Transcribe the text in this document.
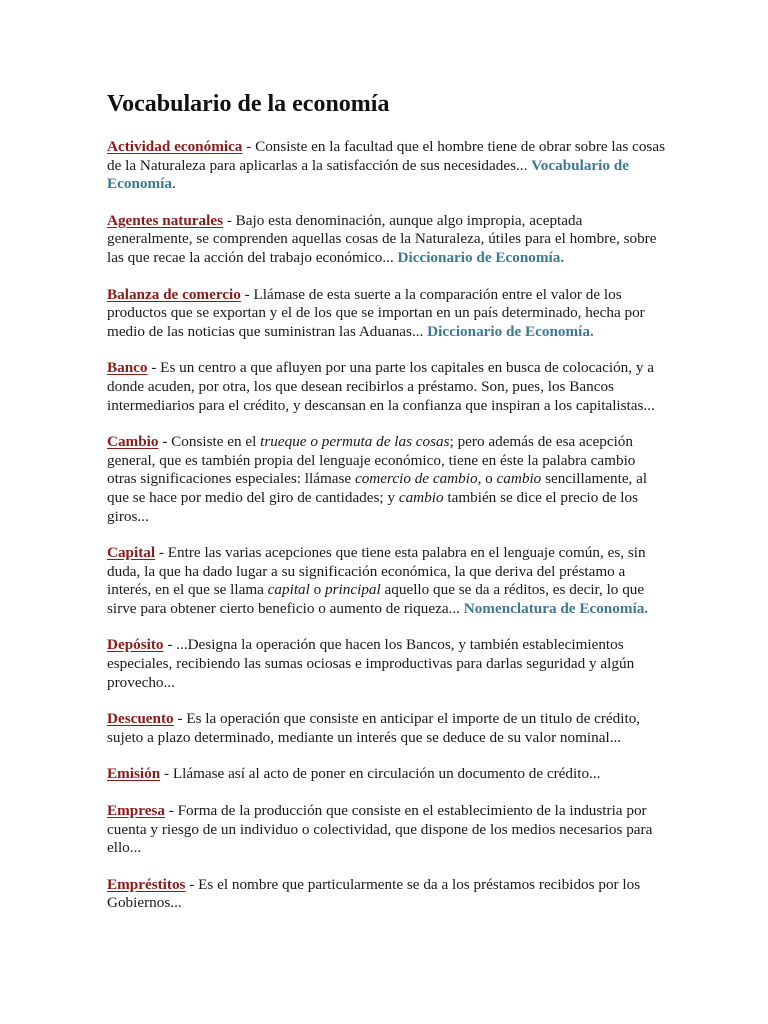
Vocabulario de la economía

Actividad económica - Consiste en la facultad que el hombre tiene de obrar sobre las cosas de la Naturaleza para aplicarlas a la satisfacción de sus necesidades... Vocabulario de Economía.

Agentes naturales - Bajo esta denominación, aunque algo impropia, aceptada generalmente, se comprenden aquellas cosas de la Naturaleza, útiles para el hombre, sobre las que recae la acción del trabajo económico... Diccionario de Economía.

Balanza de comercio - Llámase de esta suerte a la comparación entre el valor de los productos que se exportan y el de los que se importan en un país determinado, hecha por medio de las noticias que suministran las Aduanas... Diccionario de Economía.

Banco - Es un centro a que afluyen por una parte los capitales en busca de colocación, y a donde acuden, por otra, los que desean recibirlos a préstamo. Son, pues, los Bancos intermediarios para el crédito, y descansan en la confianza que inspiran a los capitalistas...

Cambio - Consiste en el trueque o permuta de las cosas; pero además de esa acepción general, que es también propia del lenguaje económico, tiene en éste la palabra cambio otras significaciones especiales: llámase comercio de cambio, o cambio sencillamente, al que se hace por medio del giro de cantidades; y cambio también se dice el precio de los giros...

Capital - Entre las varias acepciones que tiene esta palabra en el lenguaje común, es, sin duda, la que ha dado lugar a su significación económica, la que deriva del préstamo a interés, en el que se llama capital o principal aquello que se da a réditos, es decir, lo que sirve para obtener cierto beneficio o aumento de riqueza... Nomenclatura de Economía.

Depósito - ...Designa la operación que hacen los Bancos, y también establecimientos especiales, recibiendo las sumas ociosas e improductivas para darlas seguridad y algún provecho...

Descuento - Es la operación que consiste en anticipar el importe de un titulo de crédito, sujeto a plazo determinado, mediante un interés que se deduce de su valor nominal...

Emisión - Llámase así al acto de poner en circulación un documento de crédito...

Empresa - Forma de la producción que consiste en el establecimiento de la industria por cuenta y riesgo de un individuo o colectividad, que dispone de los medios necesarios para ello...

Empréstitos - Es el nombre que particularmente se da a los préstamos recibidos por los Gobiernos...
